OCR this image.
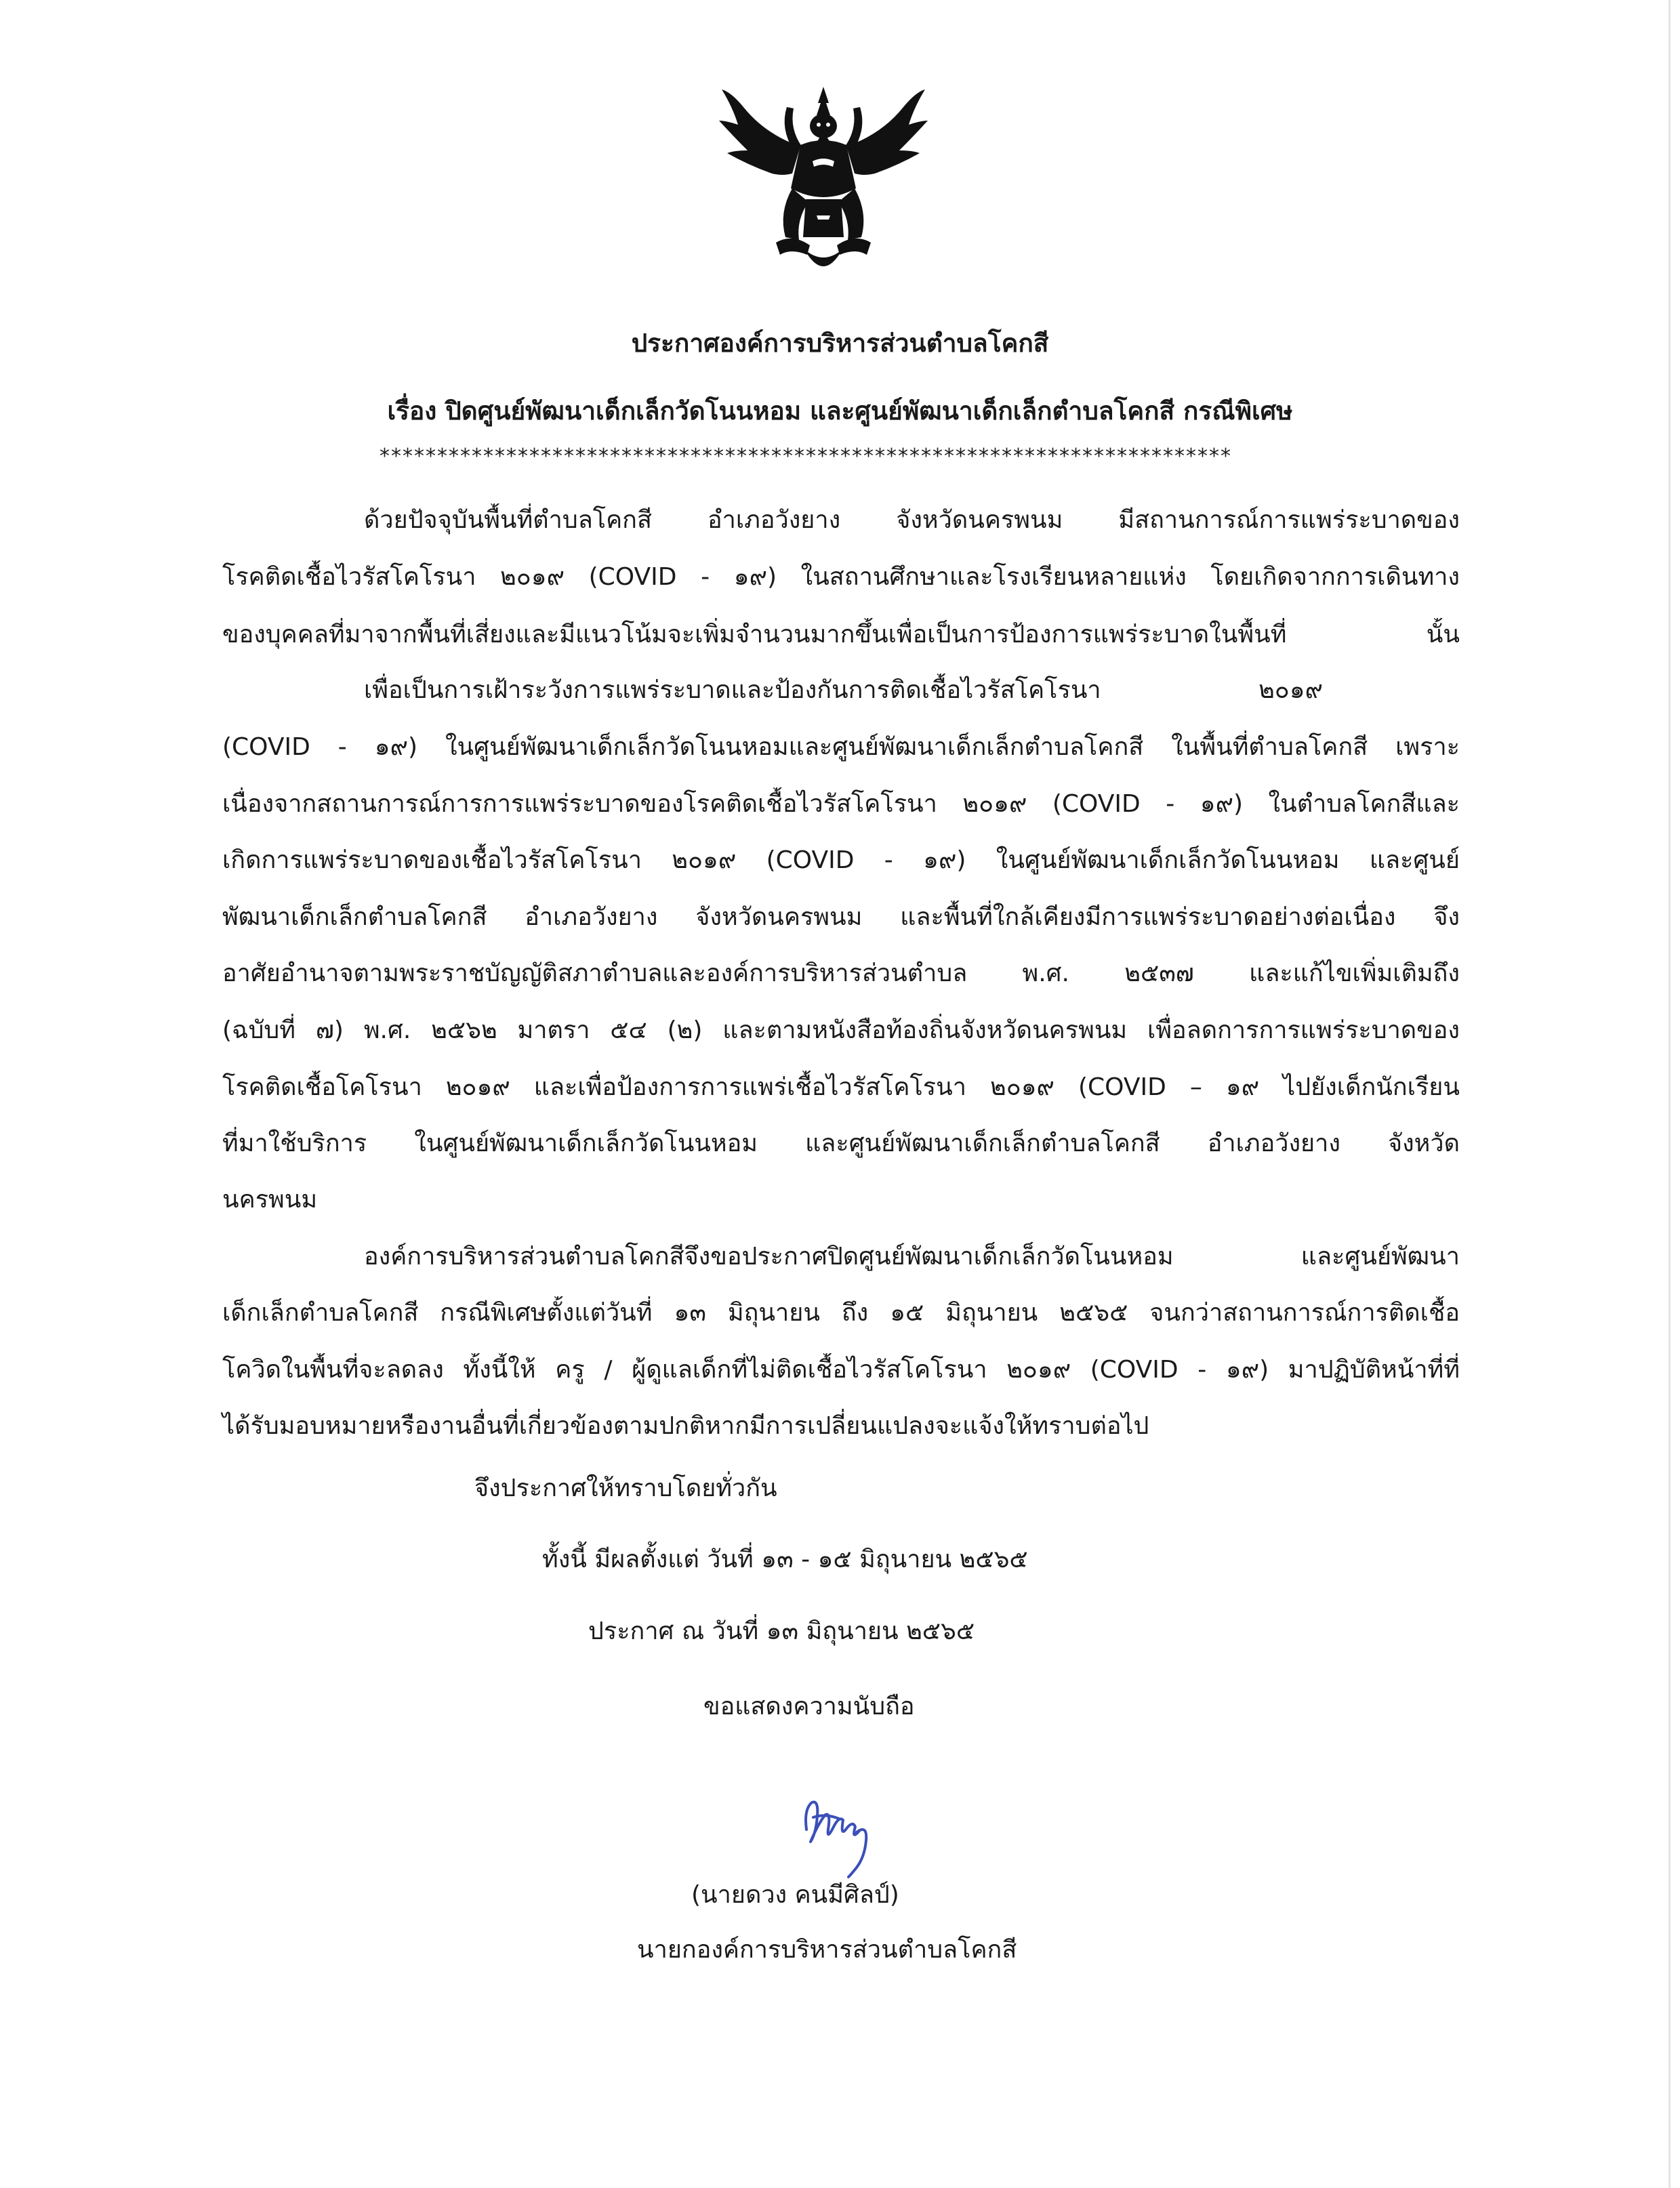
ประกาศองค์การบริหารส่วนตำบลโคกสี
เรื่อง ปิดศูนย์พัฒนาเด็กเล็กวัดโนนหอม และศูนย์พัฒนาเด็กเล็กตำบลโคกสี กรณีพิเศษ
**************************************************************************
ด้วยปัจจุบันพื้นที่ตำบลโคกสี อำเภอวังยาง จังหวัดนครพนม มีสถานการณ์การแพร่ระบาดของ
โรคติดเชื้อไวรัสโคโรนา ๒๐๑๙ (COVID - ๑๙) ในสถานศึกษาและโรงเรียนหลายแห่ง โดยเกิดจากการเดินทาง
ของบุคคลที่มาจากพื้นที่เสี่ยงและมีแนวโน้มจะเพิ่มจำนวนมากขึ้นเพื่อเป็นการป้องการแพร่ระบาดในพื้นที่ นั้น
เพื่อเป็นการเฝ้าระวังการแพร่ระบาดและป้องกันการติดเชื้อไวรัสโคโรนา ๒๐๑๙
(COVID - ๑๙) ในศูนย์พัฒนาเด็กเล็กวัดโนนหอมและศูนย์พัฒนาเด็กเล็กตำบลโคกสี ในพื้นที่ตำบลโคกสี เพราะ
เนื่องจากสถานการณ์การการแพร่ระบาดของโรคติดเชื้อไวรัสโคโรนา ๒๐๑๙ (COVID - ๑๙) ในตำบลโคกสีและ
เกิดการแพร่ระบาดของเชื้อไวรัสโคโรนา ๒๐๑๙ (COVID - ๑๙) ในศูนย์พัฒนาเด็กเล็กวัดโนนหอม และศูนย์
พัฒนาเด็กเล็กตำบลโคกสี อำเภอวังยาง จังหวัดนครพนม และพื้นที่ใกล้เคียงมีการแพร่ระบาดอย่างต่อเนื่อง จึง
อาศัยอำนาจตามพระราชบัญญัติสภาตำบลและองค์การบริหารส่วนตำบล พ.ศ. ๒๕๓๗ และแก้ไขเพิ่มเติมถึง
(ฉบับที่ ๗) พ.ศ. ๒๕๖๒ มาตรา ๕๔ (๒) และตามหนังสือท้องถิ่นจังหวัดนครพนม เพื่อลดการการแพร่ระบาดของ
โรคติดเชื้อโคโรนา ๒๐๑๙ และเพื่อป้องการการแพร่เชื้อไวรัสโคโรนา ๒๐๑๙ (COVID – ๑๙ ไปยังเด็กนักเรียน
ที่มาใช้บริการ ในศูนย์พัฒนาเด็กเล็กวัดโนนหอม และศูนย์พัฒนาเด็กเล็กตำบลโคกสี อำเภอวังยาง จังหวัด
นครพนม
องค์การบริหารส่วนตำบลโคกสีจึงขอประกาศปิดศูนย์พัฒนาเด็กเล็กวัดโนนหอม และศูนย์พัฒนา
เด็กเล็กตำบลโคกสี กรณีพิเศษตั้งแต่วันที่ ๑๓ มิถุนายน ถึง ๑๕ มิถุนายน ๒๕๖๕ จนกว่าสถานการณ์การติดเชื้อ
โควิดในพื้นที่จะลดลง ทั้งนี้ให้ ครู / ผู้ดูแลเด็กที่ไม่ติดเชื้อไวรัสโคโรนา ๒๐๑๙ (COVID - ๑๙) มาปฏิบัติหน้าที่ที่
ได้รับมอบหมายหรืองานอื่นที่เกี่ยวข้องตามปกติหากมีการเปลี่ยนแปลงจะแจ้งให้ทราบต่อไป
จึงประกาศให้ทราบโดยทั่วกัน
ทั้งนี้ มีผลตั้งแต่ วันที่ ๑๓ - ๑๕ มิถุนายน ๒๕๖๕
ประกาศ ณ วันที่ ๑๓ มิถุนายน ๒๕๖๕
ขอแสดงความนับถือ
(นายดวง คนมีศิลป์)
นายกองค์การบริหารส่วนตำบลโคกสี
